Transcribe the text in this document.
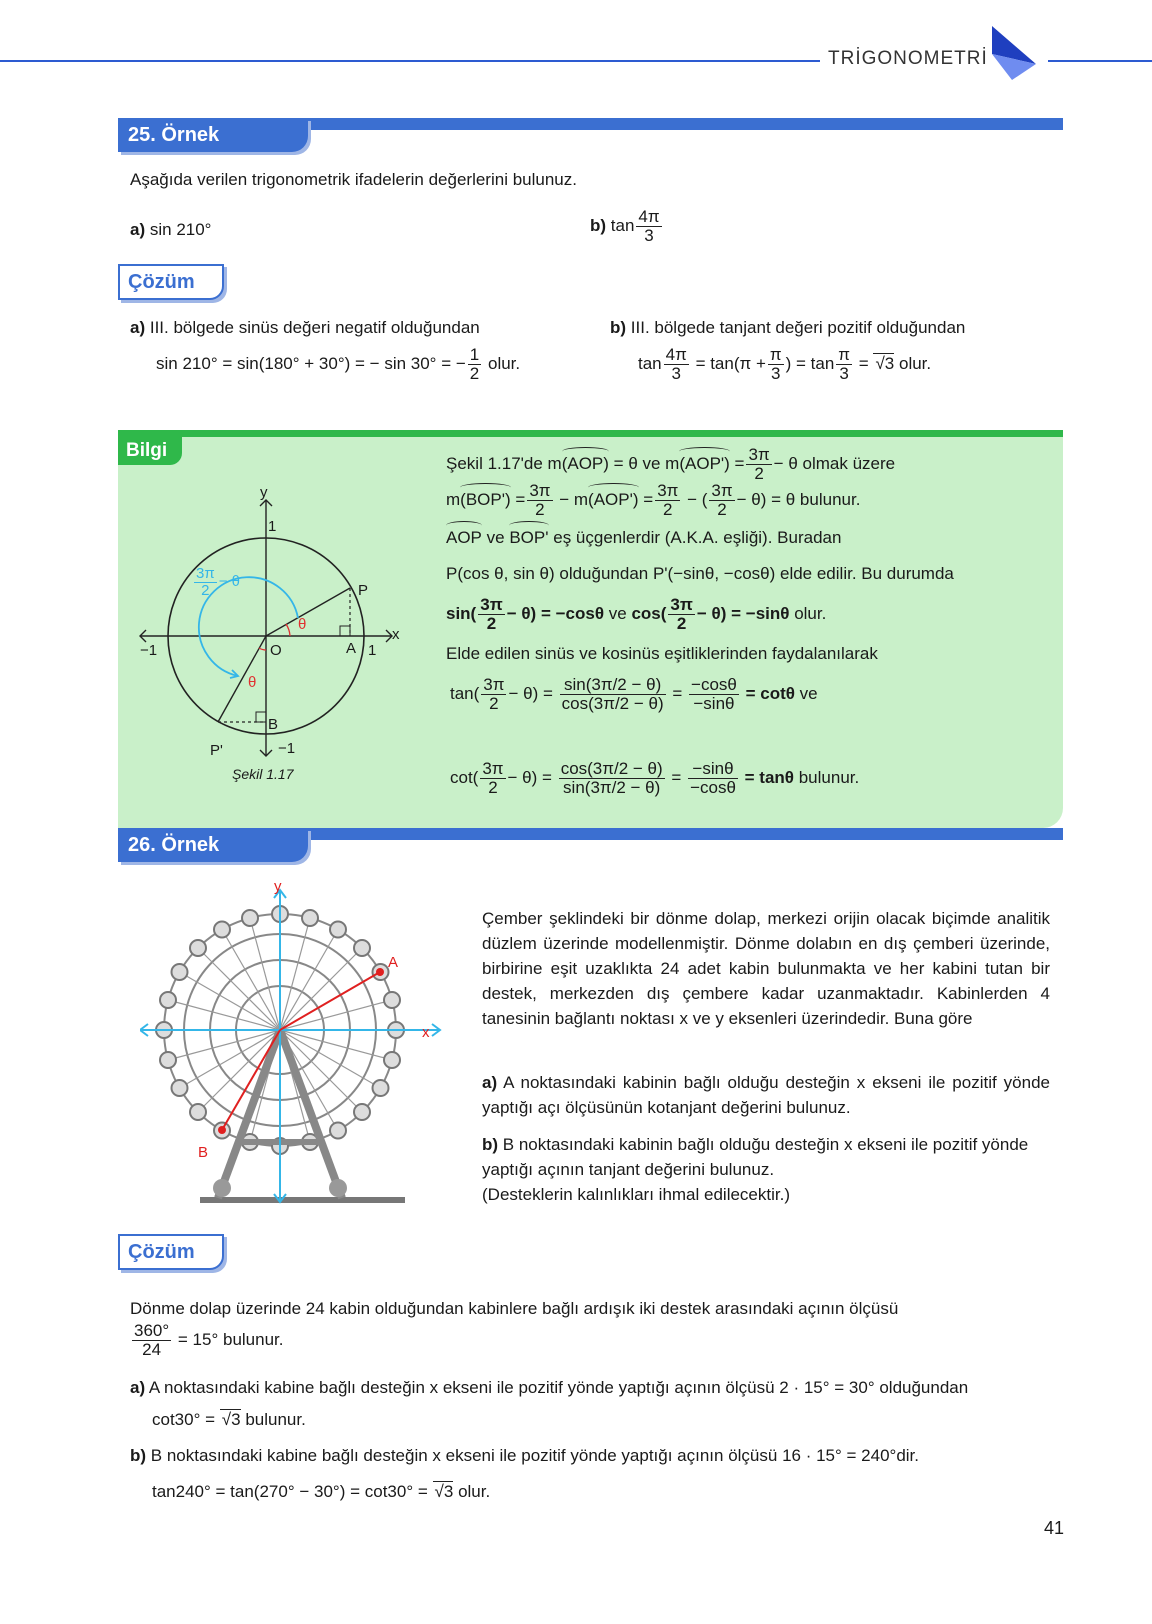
TRİGONOMETRİ
25. Örnek
Aşağıda verilen trigonometrik ifadelerin değerlerini bulunuz.
a) sin 210°	b) $\tan \frac{4\pi}{3}$
Çözüm
a) III. bölgede sinüs değeri negatif olduğundan
sin 210° = sin(180° + 30°) = − sin 30° = − $\frac{1}{2}$ olur.
b) III. bölgede tanjant değeri pozitif olduğundan
$\tan \frac{4\pi}{3} = \tan(\pi + \frac{\pi}{3}$ ) = $\tan \frac{\pi}{3}$ = √ 3 olur.
Bilgi
y
1
x
−1	1
O	A
P
B
P'	−1
θ
θ
$\frac{3\pi}{2} - \theta$
Şekil 1.17
Şekil 1.17'de m(AOP) = θ ve $m(AOP') = \frac{3\pi}{2} - \theta$ olmak üzere
$m(BOP') = \frac{3\pi}{2} - m(AOP') = \frac{3\pi}{2}$ − ( $\frac{3\pi}{2} - \theta) = \theta$ bulunur.
AOP ve BOP' eş üçgenlerdir (A.K.A. eşliği). Buradan
P(cos θ, sin θ) olduğundan P'(−sinθ, −cosθ) elde edilir. Bu durumda
$\sin( \frac{3\pi}{2} - \theta) = -\cos\theta$ ve $\cos( \frac{3\pi}{2} - \theta) = -\sin\theta$ olur.
Elde edilen sinüs ve kosinüs eşitliklerinden faydalanılarak
$\tan( \frac{3\pi}{2} - \theta) = \frac{\sin(3\pi/2 - \theta)}{\cos(3\pi/2 - \theta)} = \frac{-\cos\theta}{-\sin\theta} = \cot\theta$ ve
$\cot( \frac{3\pi}{2} - \theta) = \frac{\cos(3\pi/2 - \theta)}{\sin(3\pi/2 - \theta)} = \frac{-\sin\theta}{-\cos\theta} = \tan\theta$ bulunur.
26. Örnek
y
x
A
B
Çember şeklindeki bir dönme dolap, merkezi orijin olacak biçimde analitik düzlem üzerinde modellenmiştir. Dönme dolabın en dış çemberi üzerinde, birbirine eşit uzaklıkta 24 adet kabin bulunmakta ve her kabini tutan bir destek, merkezden dış çembere kadar uzanmaktadır. Kabinlerden 4 tanesinin bağlantı noktası x ve y eksenleri üzerindedir. Buna göre
a) A noktasındaki kabinin bağlı olduğu desteğin x ekseni ile pozitif yönde yaptığı açı ölçüsünün kotanjant değerini bulunuz.
b) B noktasındaki kabinin bağlı olduğu desteğin x ekseni ile pozitif yönde yaptığı açının tanjant değerini bulunuz.
(Desteklerin kalınlıkları ihmal edilecektir.)
Çözüm
Dönme dolap üzerinde 24 kabin olduğundan kabinlere bağlı ardışık iki destek arasındaki açının ölçüsü
$\frac{360^\circ}{24} = 15^\circ$ bulunur.
a) A noktasındaki kabine bağlı desteğin x ekseni ile pozitif yönde yaptığı açının ölçüsü 2 · 15° = 30° olduğundan
cot30° = √ 3 bulunur.
b) B noktasındaki kabine bağlı desteğin x ekseni ile pozitif yönde yaptığı açının ölçüsü 16 · 15° = 240°dir.
tan240° = tan(270° − 30°) = cot30° = √ 3 olur.
41
